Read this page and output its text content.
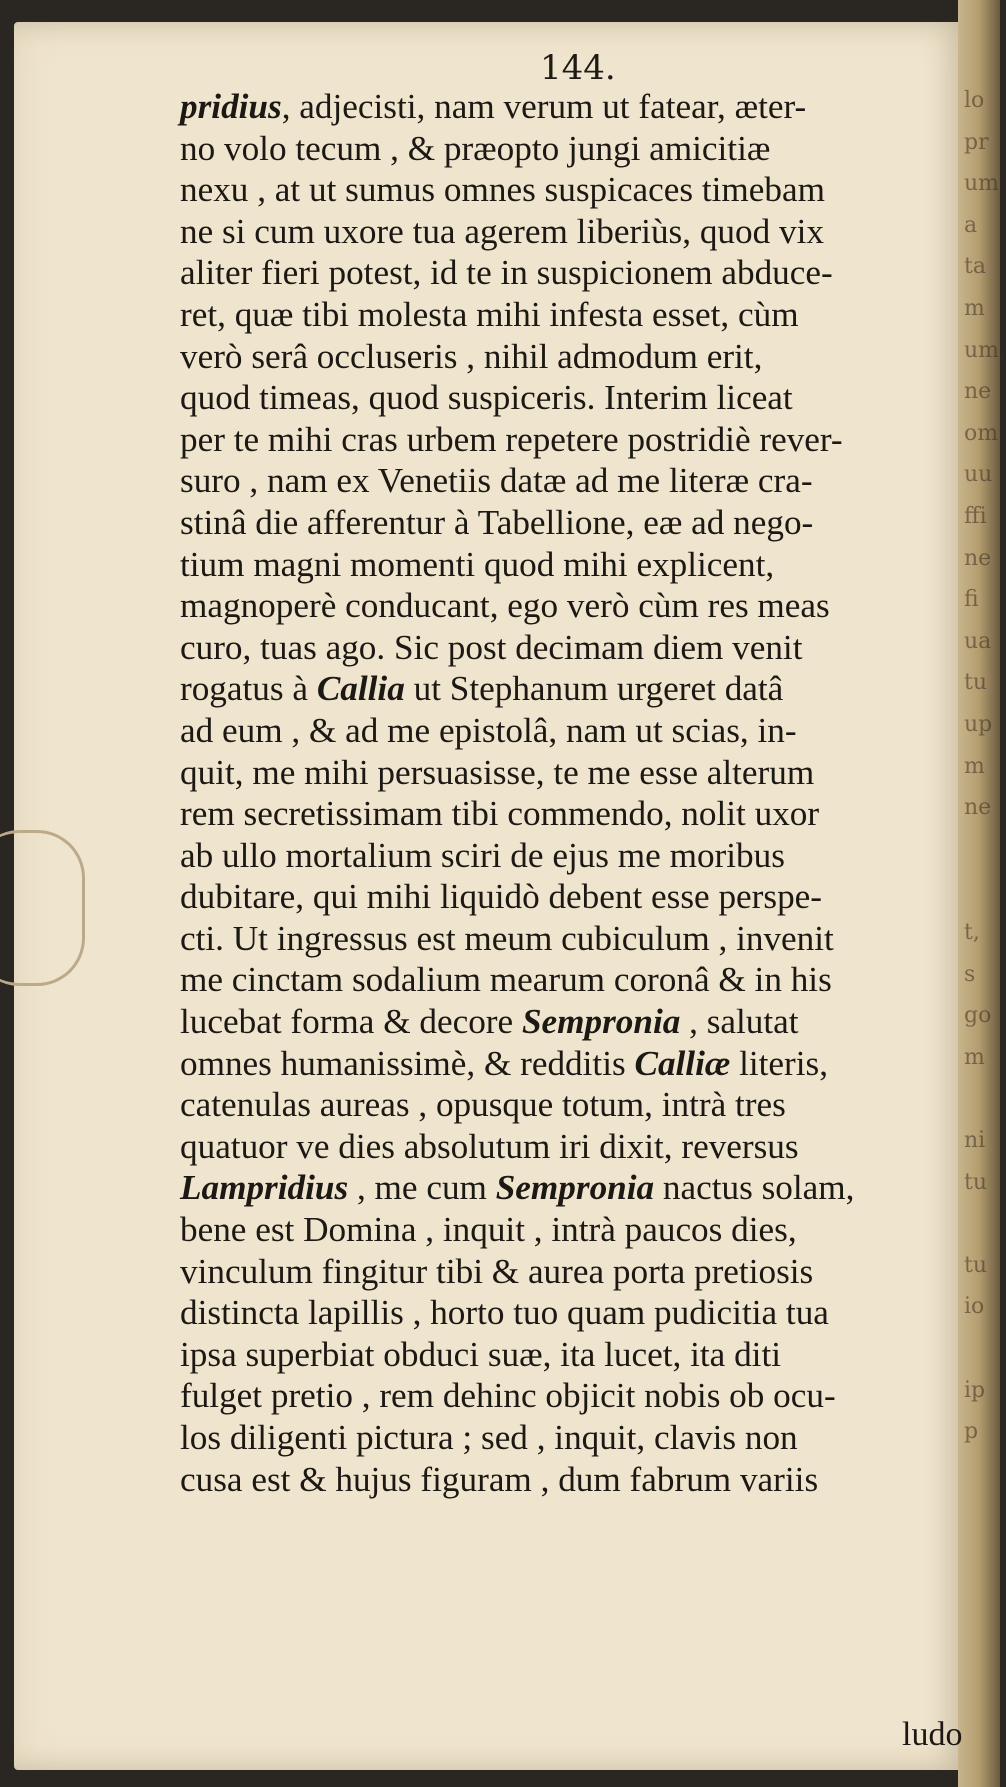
lo
pr
um
a
ta
m
um,
ne
om
uu
ffi
ne
fi
ua
tu
up
m
ne
t,
s
go
m
ni
tu
tu
io
ip
p
144.
pridius, adjecisti, nam verum ut fatear, æter-
no volo tecum , & præopto jungi amicitiæ
nexu , at ut sumus omnes suspicaces timebam
ne si cum uxore tua agerem liberiùs, quod vix
aliter fieri potest, id te in suspicionem abduce-
ret, quæ tibi molesta mihi infesta esset, cùm
verò serâ occluseris , nihil admodum erit,
quod timeas, quod suspiceris. Interim liceat
per te mihi cras urbem repetere postridiè rever-
suro , nam ex Venetiis datæ ad me literæ cra-
stinâ die afferentur à Tabellione, eæ ad nego-
tium magni momenti quod mihi explicent,
magnoperè conducant, ego verò cùm res meas
curo, tuas ago. Sic post decimam diem venit
rogatus à Callia ut Stephanum urgeret datâ
ad eum , & ad me epistolâ, nam ut scias, in-
quit, me mihi persuasisse, te me esse alterum
rem secretissimam tibi commendo, nolit uxor
ab ullo mortalium sciri de ejus me moribus
dubitare, qui mihi liquidò debent esse perspe-
cti. Ut ingressus est meum cubiculum , invenit
me cinctam sodalium mearum coronâ & in his
lucebat forma & decore Sempronia , salutat
omnes humanissimè, & redditis Calliæ literis,
catenulas aureas , opusque totum, intrà tres
quatuor ve dies absolutum iri dixit, reversus
Lampridius , me cum Sempronia nactus solam,
bene est Domina , inquit , intrà paucos dies,
vinculum fingitur tibi & aurea porta pretiosis
distincta lapillis , horto tuo quam pudicitia tua
ipsa superbiat obduci suæ, ita lucet, ita diti
fulget pretio , rem dehinc objicit nobis ob ocu-
los diligenti pictura ; sed , inquit, clavis non
cusa est & hujus figuram , dum fabrum variis
ludo
